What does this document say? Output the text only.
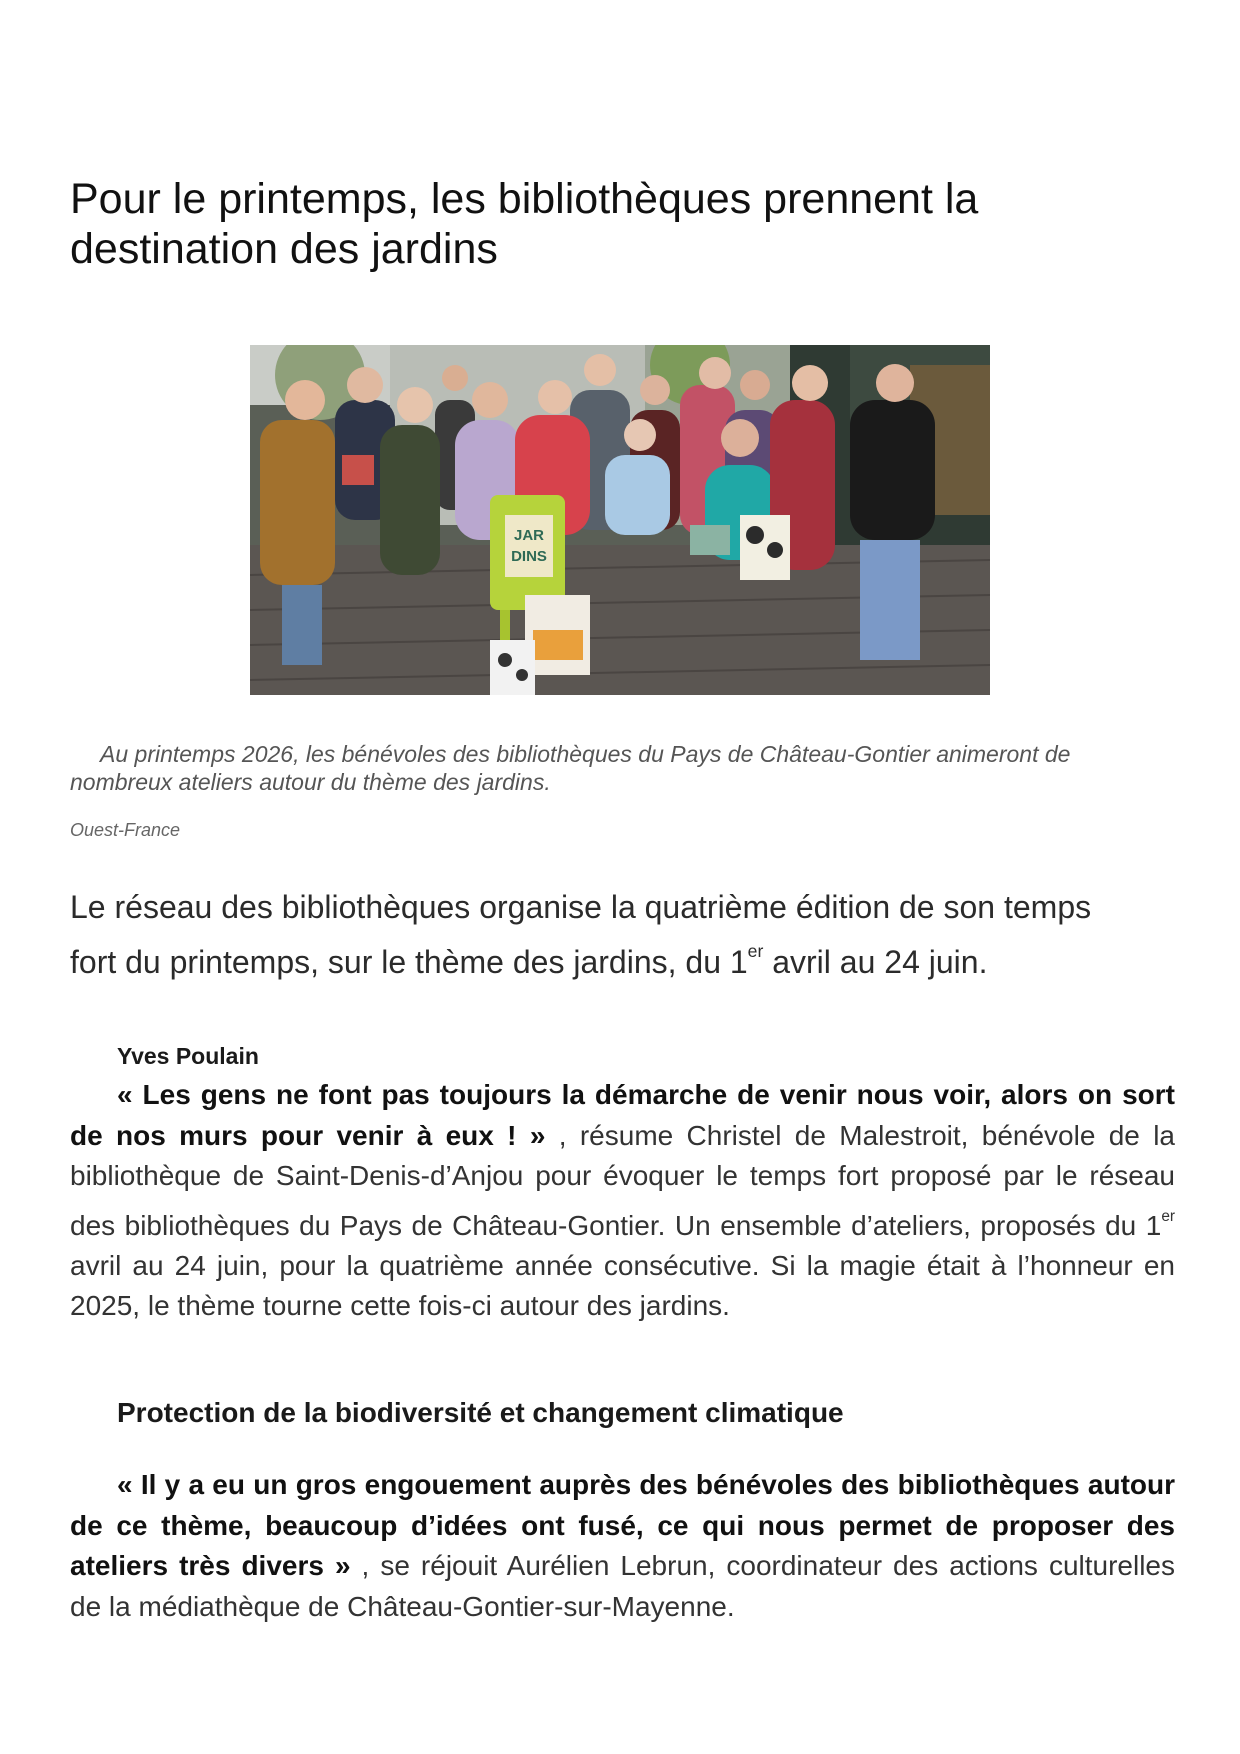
Pour le printemps, les bibliothèques prennent la destination des jardins
JAR
DINS
Au printemps 2026, les bénévoles des bibliothèques du Pays de Château-Gontier animeront de nombreux ateliers autour du thème des jardins.
Ouest-France
Le réseau des bibliothèques organise la quatrième édition de son temps fort du printemps, sur le thème des jardins, du 1er avril au 24 juin.
Yves Poulain
« Les gens ne font pas toujours la démarche de venir nous voir, alors on sort de nos murs pour venir à eux ! » , résume Christel de Malestroit, bénévole de la bibliothèque de Saint-Denis-d’Anjou pour évoquer le temps fort proposé par le réseau des bibliothèques du Pays de Château-Gontier. Un ensemble d’ateliers, proposés du 1er avril au 24 juin, pour la quatrième année consécutive. Si la magie était à l’honneur en 2025, le thème tourne cette fois-ci autour des jardins.
Protection de la biodiversité et changement climatique
« Il y a eu un gros engouement auprès des bénévoles des bibliothèques autour de ce thème, beaucoup d’idées ont fusé, ce qui nous permet de proposer des ateliers très divers » , se réjouit Aurélien Lebrun, coordinateur des actions culturelles de la médiathèque de Château-Gontier-sur-Mayenne.
